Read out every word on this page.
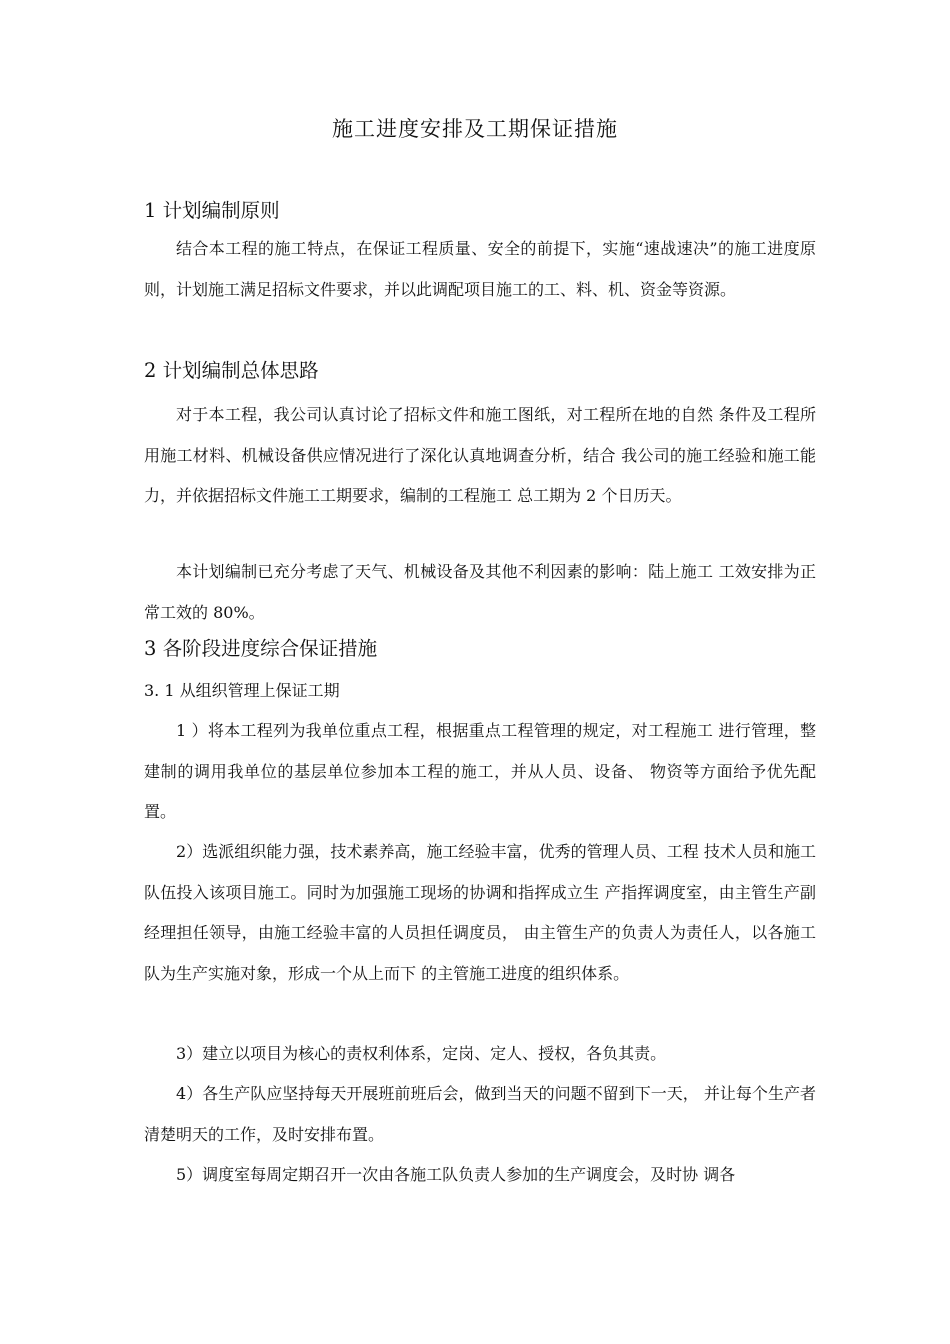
施工进度安排及工期保证措施
1 计划编制原则

结合本工程的施工特点，在保证工程质量、安全的前提下，实施“速战速决”的施工进度原则，计划施工满足招标文件要求，并以此调配项目施工的工、料、机、资金等资源。

2 计划编制总体思路

对于本工程，我公司认真讨论了招标文件和施工图纸，对工程所在地的自然 条件及工程所用施工材料、机械设备供应情况进行了深化认真地调查分析，结合 我公司的施工经验和施工能力，并依据招标文件施工工期要求，编制的工程施工 总工期为 2 个日历天。

本计划编制已充分考虑了天气、机械设备及其他不利因素的影响：陆上施工 工效安排为正常工效的 80%。

3 各阶段进度综合保证措施
3. 1 从组织管理上保证工期

1 ）将本工程列为我单位重点工程，根据重点工程管理的规定，对工程施工 进行管理，整建制的调用我单位的基层单位参加本工程的施工，并从人员、设备、 物资等方面给予优先配置。

2）选派组织能力强，技术素养高，施工经验丰富，优秀的管理人员、工程 技术人员和施工队伍投入该项目施工。同时为加强施工现场的协调和指挥成立生 产指挥调度室，由主管生产副经理担任领导，由施工经验丰富的人员担任调度员， 由主管生产的负责人为责任人，以各施工队为生产实施对象，形成一个从上而下 的主管施工进度的组织体系。

3）建立以项目为核心的责权利体系，定岗、定人、授权，各负其责。

4）各生产队应坚持每天开展班前班后会，做到当天的问题不留到下一天， 并让每个生产者清楚明天的工作，及时安排布置。

5）调度室每周定期召开一次由各施工队负责人参加的生产调度会，及时协 调各
